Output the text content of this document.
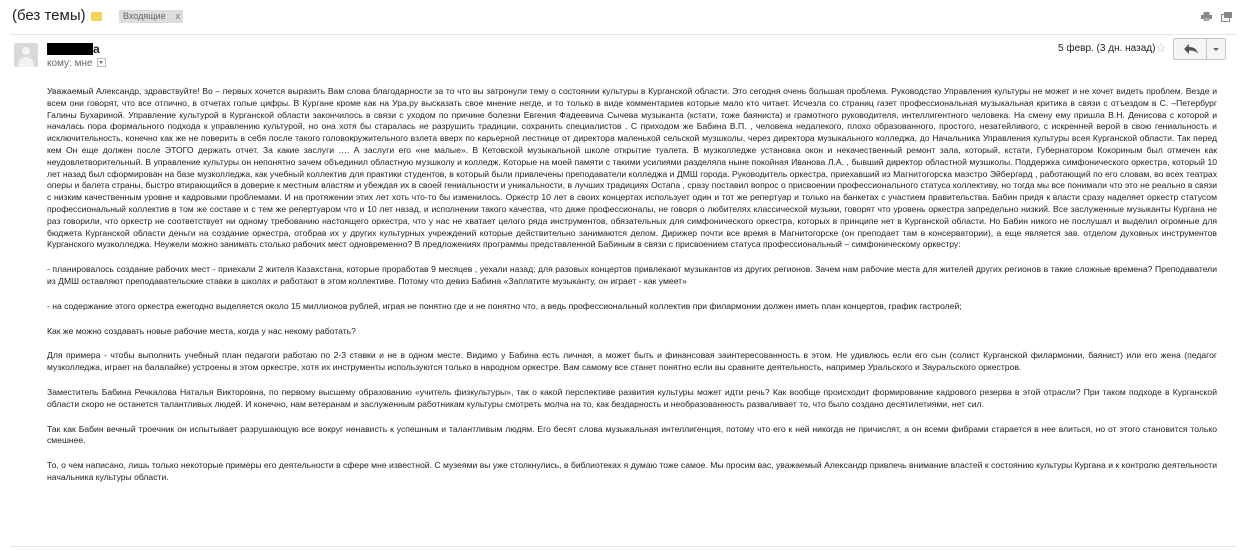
(без темы)	Входящие x
а
кому: мне
5 февр. (3 дн. назад) ☆

Уважаемый Александр, здравствуйте! Во – первых хочется выразить Вам слова благодарности за то что вы затронули тему о состоянии культуры в Курганской области. Это сегодня очень большая проблема. Руководство Управления культуры не может и не хочет видеть проблем. Везде и всем они говорят, что все отлично, в отчетах голые цифры. В Кургане кроме как на Ура.ру высказать свое мнение негде, и то только в виде комментариев которые мало кто читает. Исчезла со страниц газет профессиональная музыкальная критика в связи с отъездом в С. –Петербург Галины Бухариной. Управление культурой в Курганской области закончилось в связи с уходом по причине болезни Евгения Фадеевича Сычева музыканта (кстати, тоже баяниста) и грамотного руководителя, интеллигентного человека. На смену ему пришла В.Н. Денисова с которой и началась пора формального подхода к управлению культурой, но она хотя бы старалась не разрушить традиции, сохранить специалистов . С приходом же Бабина В.П. , человека недалекого, плохо образованного, простого, незатейливого, с искренней верой в свою гениальность и исключительность, конечно как же не поверить в себя после такого головокружительного взлета вверх по карьерной лестнице от директора маленькой сельской музшколы, через директора музыкального колледжа, до Начальника Управления культуры всея Курганской области. Так перед кем Он еще должен после ЭТОГО держать отчет. За какие заслуги …. А заслуги его «не малые». В Кетовской музыкальной школе открытие туалета. В музколледже установка окон и некачественный ремонт зала, который, кстати, Губернатором Кокориным был отмечен как неудовлетворительный. В управление культуры он непонятно зачем объединил областную музшколу и колледж. Которые на моей памяти с такими усилиями разделяла ныне покойная Иванова Л.А. , бывший директор областной музшколы. Поддержка симфонического оркестра, который 10 лет назад был сформирован на базе музколледжа, как учебный коллектив для практики студентов, в который были привлечены преподаватели колледжа и ДМШ города. Руководитель оркестра, приехавший из Магнитогорска маэстро Эйбергард , работающий по его словам, во всех театрах оперы и балета страны, быстро втирающийся в доверие к местным властям и убеждая их в своей гениальности и уникальности, в лучших традициях Остапа , сразу поставил вопрос о присвоении профессионального статуса коллективу, но тогда мы все понимали что это не реально в связи с низким качественным уровне и кадровыми проблемами. И на протяжении этих лет хоть что-то бы изменилось. Оркестр 10 лет в своих концертах использует один и тот же репертуар и только на банкетах с участием правительства. Бабин придя к власти сразу наделяет оркестр статусом профессиональный коллектив в том же составе и с тем же репертуаром что и 10 лет назад, и исполнении такого качества, что даже профессионалы, не говоря о любителях классической музыки, говорят что уровень оркестра запредельно низкий. Все заслуженные музыканты Кургана не раз говорили, что оркестр не соответствует ни одному требованию настоящего оркестра, что у нас не хватает целого ряда инструментов, обязательных для симфонического оркестра, которых в принципе нет в Курганской области. Но Бабин никого не послушал и выделил огромные для бюджета Курганской области деньги на создание оркестра, отобрав их у других культурных учреждений которые действительно занимаются делом. Дирижер почти все время в Магнитогорске (он преподает там в консерватории), а еще является зав. отделом духовных инструментов Курганского музколледжа. Неужели можно занимать столько рабочих мест одновременно? В предложениях программы представленной Бабиным в связи с присвоением статуса профессиональный – симфоническому оркестру:

- планировалось создание рабочих мест - приехали 2 жителя Казахстана, которые проработав 9 месяцев , уехали назад; для разовых концертов привлекают музыкантов из других регионов. Зачем нам рабочие места для жителей других регионов в такие сложные времена? Преподаватели из ДМШ оставляют преподавательские ставки в школах и работают в этом коллективе. Потому что девиз Бабина «Заплатите музыканту, он играет - как умеет»

- на содержание этого оркестра ежегодно выделяется около 15 миллионов рублей, играя не понятно где и не понятно что, а ведь профессиональный коллектив при филармонии должен иметь план концертов, график гастролей;

Как же можно создавать новые рабочие места, когда у нас некому работать?

Для примера - чтобы выполнить учебный план педагоги работаю по 2-3 ставки и не в одном месте. Видимо у Бабина есть личная, а может быть и финансовая заинтересованность в этом. Не удивлюсь если его сын (солист Курганской филармонии, баянист) или его жена (педагог музколледжа, играет на балалайке) устроены в этом оркестре, хотя их инструменты используются только в народном оркестре. Вам самому все станет понятно если вы сравните деятельность, например Уральского и Зауральского оркестров.

Заместитель Бабина Речкалова Наталья Викторовна, по первому высшему образованию «учитель физкультуры», так о какой перспективе развития культуры может идти речь? Как вообще происходит формирование кадрового резерва в этой отрасли? При таком подходе в Курганской области скоро не останется талантливых людей. И конечно, нам ветеранам и заслуженным работникам культуры смотреть молча на то, как бездарность и необразованность разваливает то, что было создано десятилетиями, нет сил.

Так как Бабин вечный троечник он испытывает разрушающую все вокруг ненависть к успешным и талантливым людям. Его бесят слова музыкальная интеллигенция, потому что его к ней никогда не причислят, а он всеми фибрами старается в нее влиться, но от этого становится только смешнее.

То, о чем написано, лишь только некоторые примеры его деятельности в сфере мне известной. С музеями вы уже столкнулись, в библиотеках я думаю тоже самое. Мы просим вас, уважаемый Александр привлечь внимание властей к состоянию культуры Кургана и к контролю деятельности начальника культуры области.
